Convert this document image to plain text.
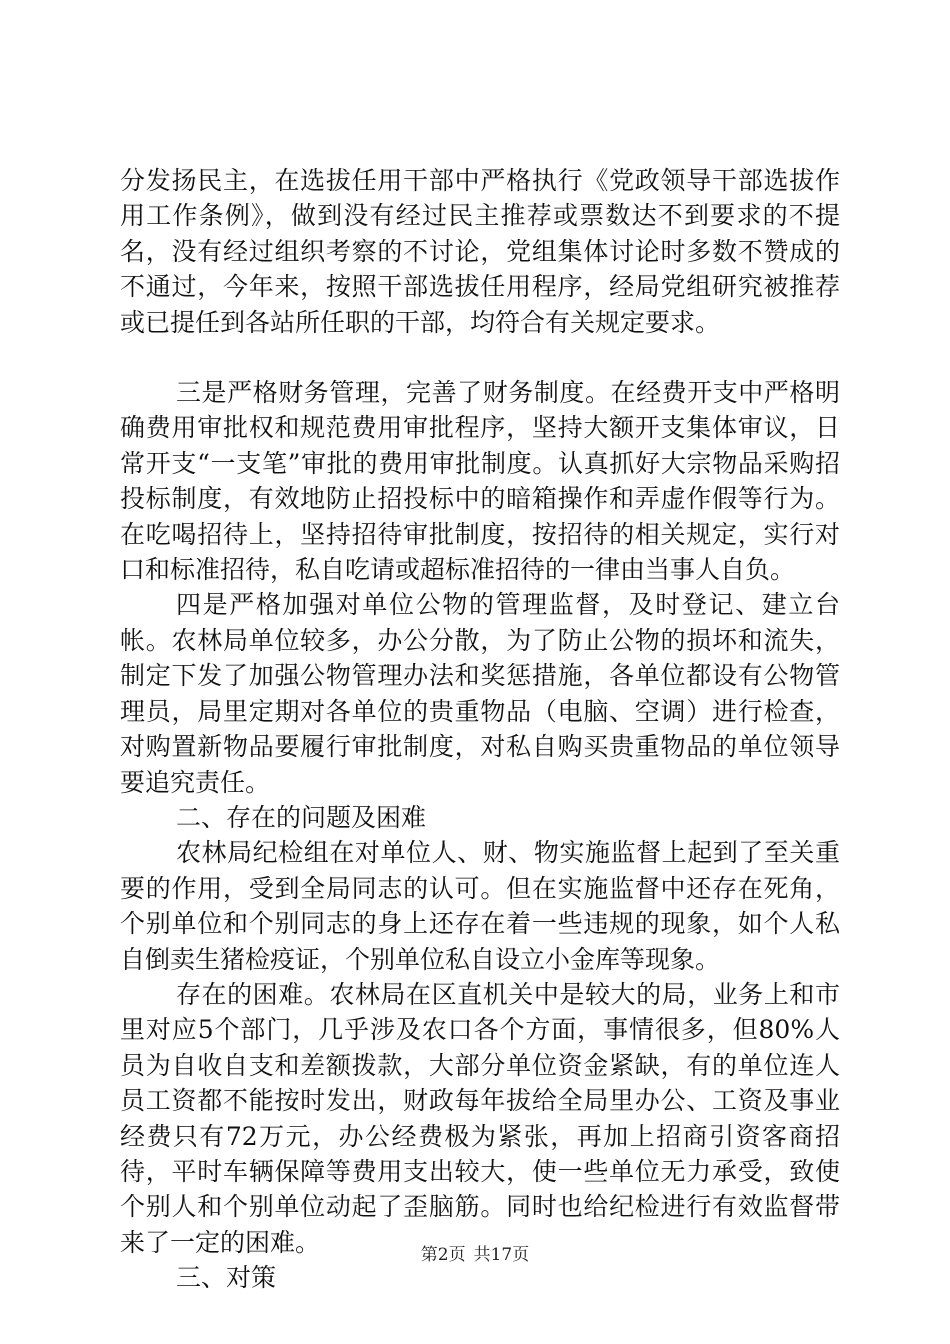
分发扬民主，在选拔任用干部中严格执行《党政领导干部选拔作用工作条例》，做到没有经过民主推荐或票数达不到要求的不提名，没有经过组织考察的不讨论，党组集体讨论时多数不赞成的不通过，今年来，按照干部选拔任用程序，经局党组研究被推荐或已提任到各站所任职的干部，均符合有关规定要求。

三是严格财务管理，完善了财务制度。在经费开支中严格明确费用审批权和规范费用审批程序，坚持大额开支集体审议，日常开支“一支笔”审批的费用审批制度。认真抓好大宗物品采购招投标制度，有效地防止招投标中的暗箱操作和弄虚作假等行为。在吃喝招待上，坚持招待审批制度，按招待的相关规定，实行对口和标准招待，私自吃请或超标准招待的一律由当事人自负。

四是严格加强对单位公物的管理监督，及时登记、建立台帐。农林局单位较多，办公分散，为了防止公物的损坏和流失，制定下发了加强公物管理办法和奖惩措施，各单位都设有公物管理员，局里定期对各单位的贵重物品（电脑、空调）进行检查，对购置新物品要履行审批制度，对私自购买贵重物品的单位领导要追究责任。

二、存在的问题及困难

农林局纪检组在对单位人、财、物实施监督上起到了至关重要的作用，受到全局同志的认可。但在实施监督中还存在死角，个别单位和个别同志的身上还存在着一些违规的现象，如个人私自倒卖生猪检疫证，个别单位私自设立小金库等现象。

存在的困难。农林局在区直机关中是较大的局，业务上和市里对应5个部门，几乎涉及农口各个方面，事情很多，但80%人员为自收自支和差额拨款，大部分单位资金紧缺，有的单位连人员工资都不能按时发出，财政每年拔给全局里办公、工资及事业经费只有72万元，办公经费极为紧张，再加上招商引资客商招待，平时车辆保障等费用支出较大，使一些单位无力承受，致使个别人和个别单位动起了歪脑筋。同时也给纪检进行有效监督带来了一定的困难。

三、对策

第2页 共17页
